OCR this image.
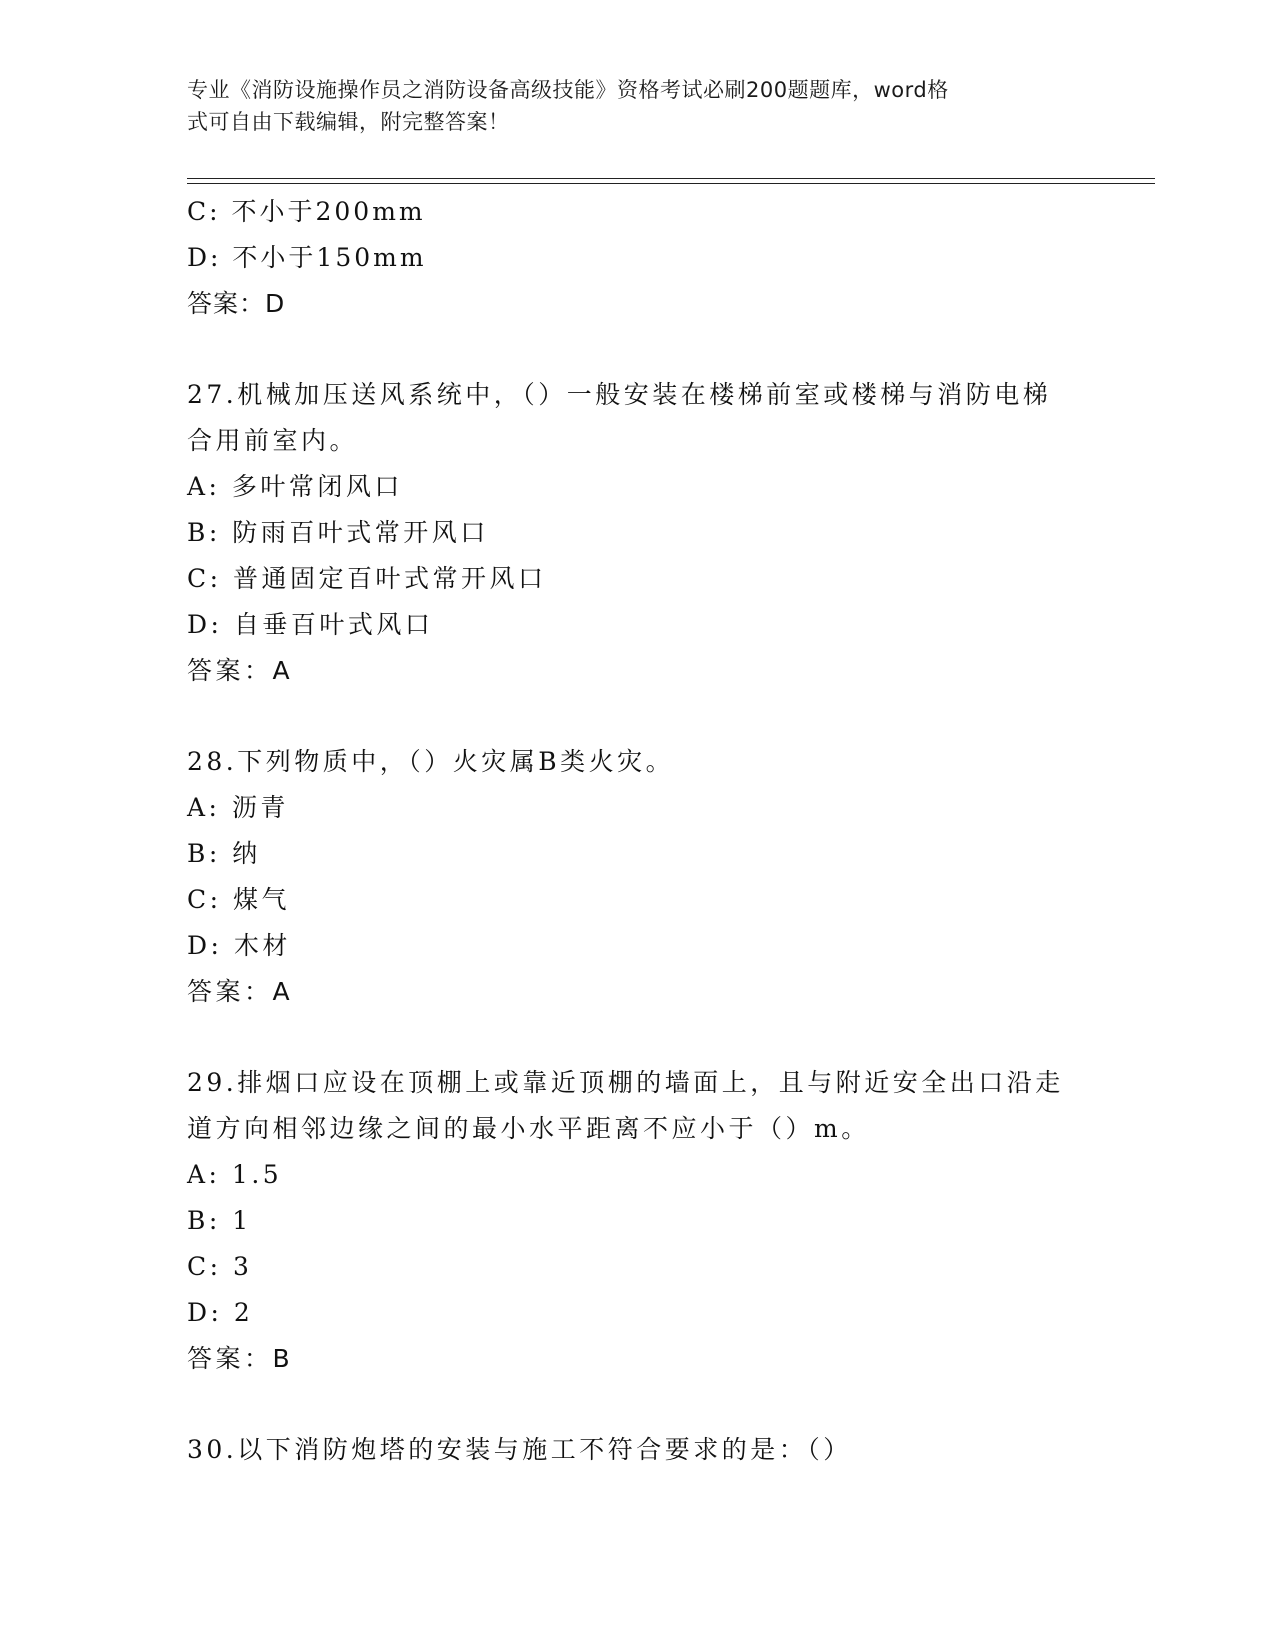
专业《消防设施操作员之消防设备高级技能》资格考试必刷200题题库，word格
式可自由下载编辑，附完整答案！
C: 不小于200mm
D: 不小于150mm
答案：D
27.机械加压送风系统中，（）一般安装在楼梯前室或楼梯与消防电梯
合用前室内。
A: 多叶常闭风口
B: 防雨百叶式常开风口
C: 普通固定百叶式常开风口
D: 自垂百叶式风口
答案：A
28.下列物质中，（）火灾属B类火灾。
A: 沥青
B: 纳
C: 煤气
D: 木材
答案：A
29.排烟口应设在顶棚上或靠近顶棚的墙面上，且与附近安全出口沿走
道方向相邻边缘之间的最小水平距离不应小于（）m。
A: 1.5
B: 1
C: 3
D: 2
答案：B
30.以下消防炮塔的安装与施工不符合要求的是：（）
